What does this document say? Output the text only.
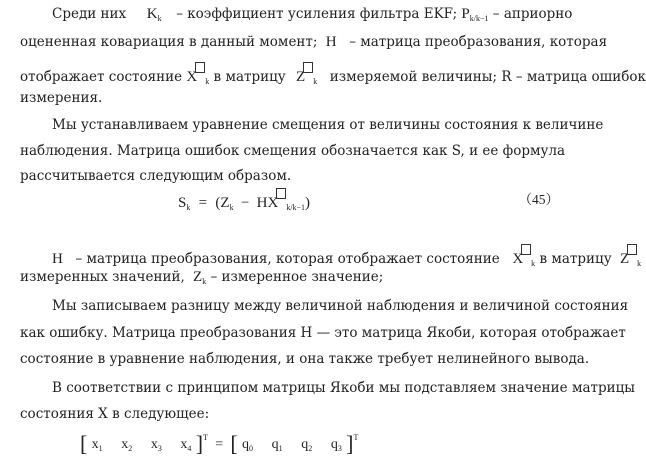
Среди них $K_k$ – коэффициент усиления фильтра EKF; $P_{k/k-1}$ – априорно
оцененная ковариация в данный момент; H – матрица преобразования, которая
отображает состояние X $_k$ в матрицу Z $_k$ измеряемой величины; R – матрица ошибок
измерения.
Мы устанавливаем уравнение смещения от величины состояния к величине
наблюдения. Матрица ошибок смещения обозначается как S, и ее формула
рассчитывается следующим образом.
$S_k = (Z_k$ − HX $_{k/k-1}$)	（45）
H – матрица преобразования, которая отображает состояние X $_k$ в матрицу Z $_k$
измеренных значений, $Z_k$ – измеренное значение;
Мы записываем разницу между величиной наблюдения и величиной состояния
как ошибку. Матрица преобразования H — это матрица Якоби, которая отображает
состояние в уравнение наблюдения, и она также требует нелинейного вывода.
В соответствии с принципом матрицы Якоби мы подставляем значение матрицы
состояния X в следующее:
[ $x_1$ $x_2$ $x_3$ $x_4$ ]$^T$ = [ $q_0$ $q_1$ $q_2$ $q_3$ ]$^T$
